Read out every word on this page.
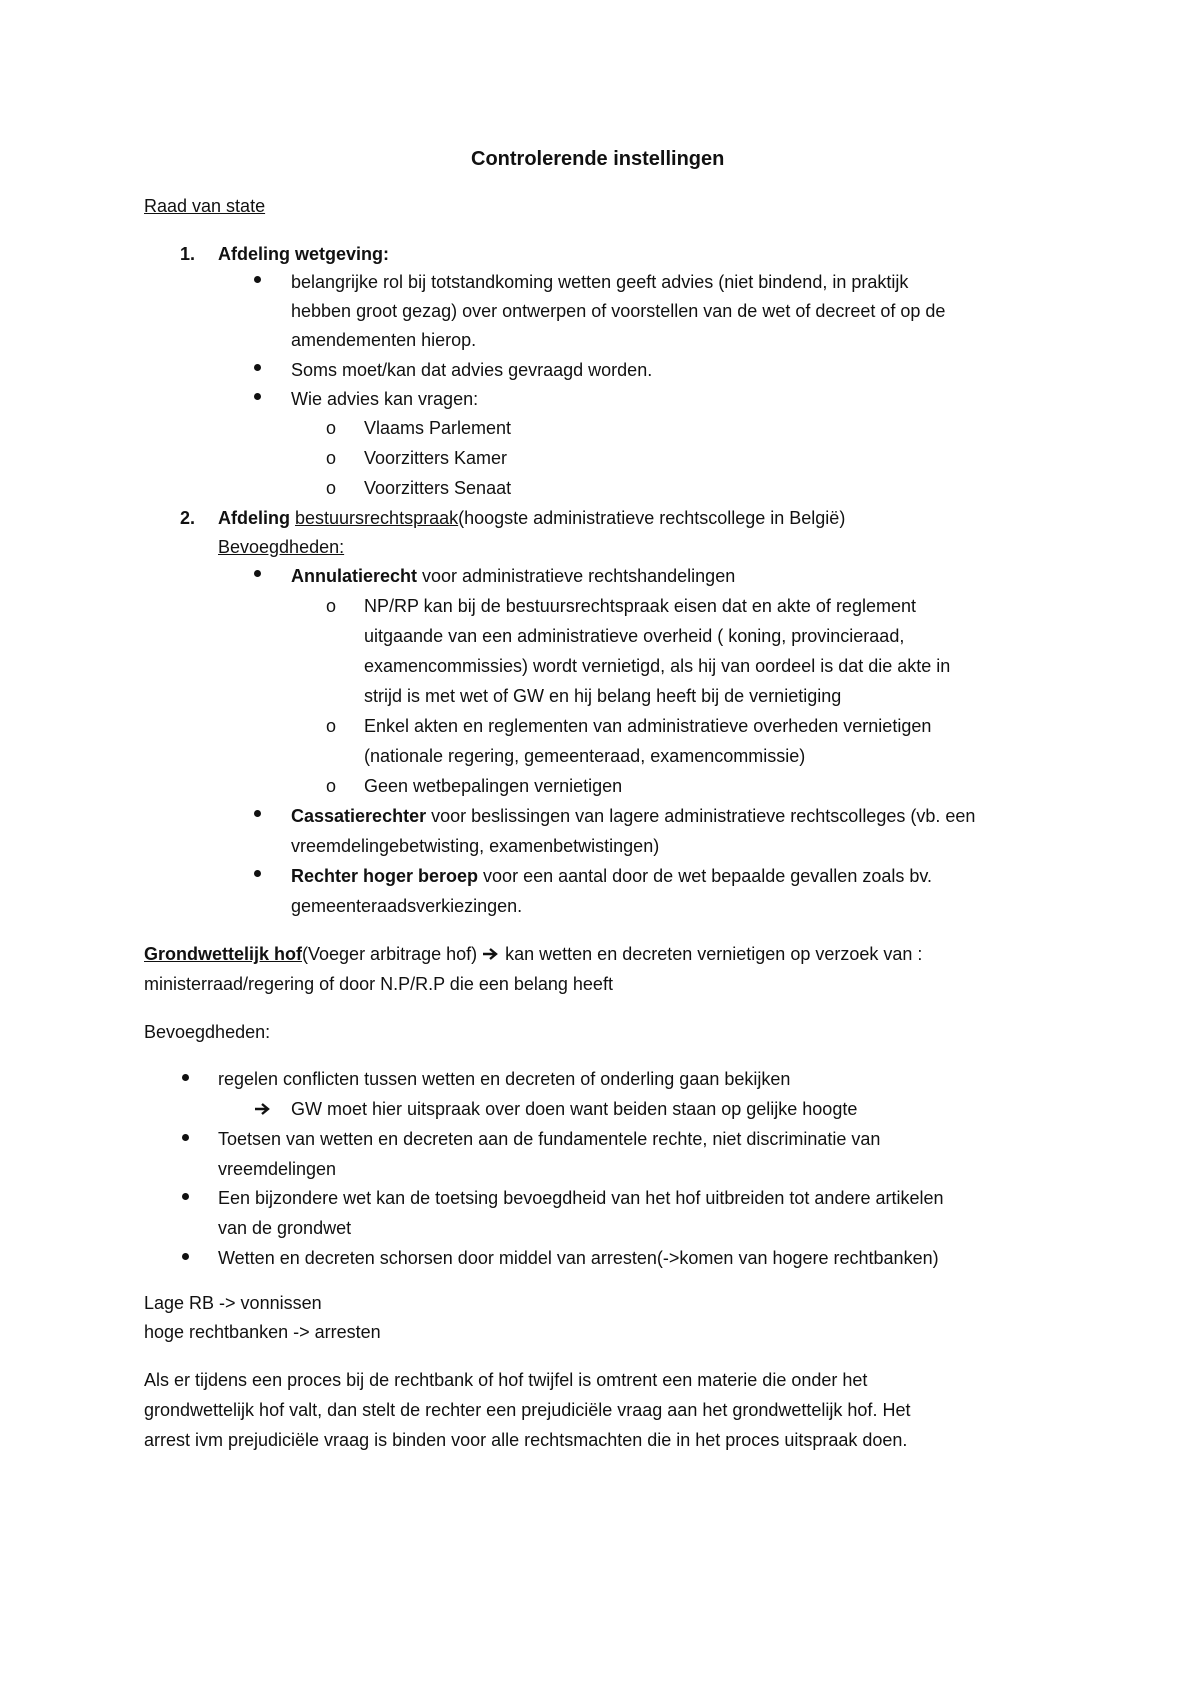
Controlerende instellingen
Raad van state
1. Afdeling wetgeving:
belangrijke rol bij totstandkoming wetten geeft advies (niet bindend, in praktijk
hebben groot gezag) over ontwerpen of voorstellen van de wet of decreet of op de
amendementen hierop.
Soms moet/kan dat advies gevraagd worden.
Wie advies kan vragen:
o Vlaams Parlement
o Voorzitters Kamer
o Voorzitters Senaat
2. Afdeling bestuursrechtspraak(hoogste administratieve rechtscollege in België)
Bevoegdheden:
Annulatierecht voor administratieve rechtshandelingen
o NP/RP kan bij de bestuursrechtspraak eisen dat en akte of reglement
uitgaande van een administratieve overheid ( koning, provincieraad,
examencommissies) wordt vernietigd, als hij van oordeel is dat die akte in
strijd is met wet of GW en hij belang heeft bij de vernietiging
o Enkel akten en reglementen van administratieve overheden vernietigen
(nationale regering, gemeenteraad, examencommissie)
o Geen wetbepalingen vernietigen
Cassatierechter voor beslissingen van lagere administratieve rechtscolleges (vb. een
vreemdelingebetwisting, examenbetwistingen)
Rechter hoger beroep voor een aantal door de wet bepaalde gevallen zoals bv.
gemeenteraadsverkiezingen.
Grondwettelijk hof(Voeger arbitrage hof)  kan wetten en decreten vernietigen op verzoek van :
ministerraad/regering of door N.P/R.P die een belang heeft
Bevoegdheden:
regelen conflicten tussen wetten en decreten of onderling gaan bekijken
GW moet hier uitspraak over doen want beiden staan op gelijke hoogte
Toetsen van wetten en decreten aan de fundamentele rechte, niet discriminatie van
vreemdelingen
Een bijzondere wet kan de toetsing bevoegdheid van het hof uitbreiden tot andere artikelen
van de grondwet
Wetten en decreten schorsen door middel van arresten(->komen van hogere rechtbanken)
Lage RB -> vonnissen
hoge rechtbanken -> arresten
Als er tijdens een proces bij de rechtbank of hof twijfel is omtrent een materie die onder het
grondwettelijk hof valt, dan stelt de rechter een prejudiciële vraag aan het grondwettelijk hof. Het
arrest ivm prejudiciële vraag is binden voor alle rechtsmachten die in het proces uitspraak doen.
